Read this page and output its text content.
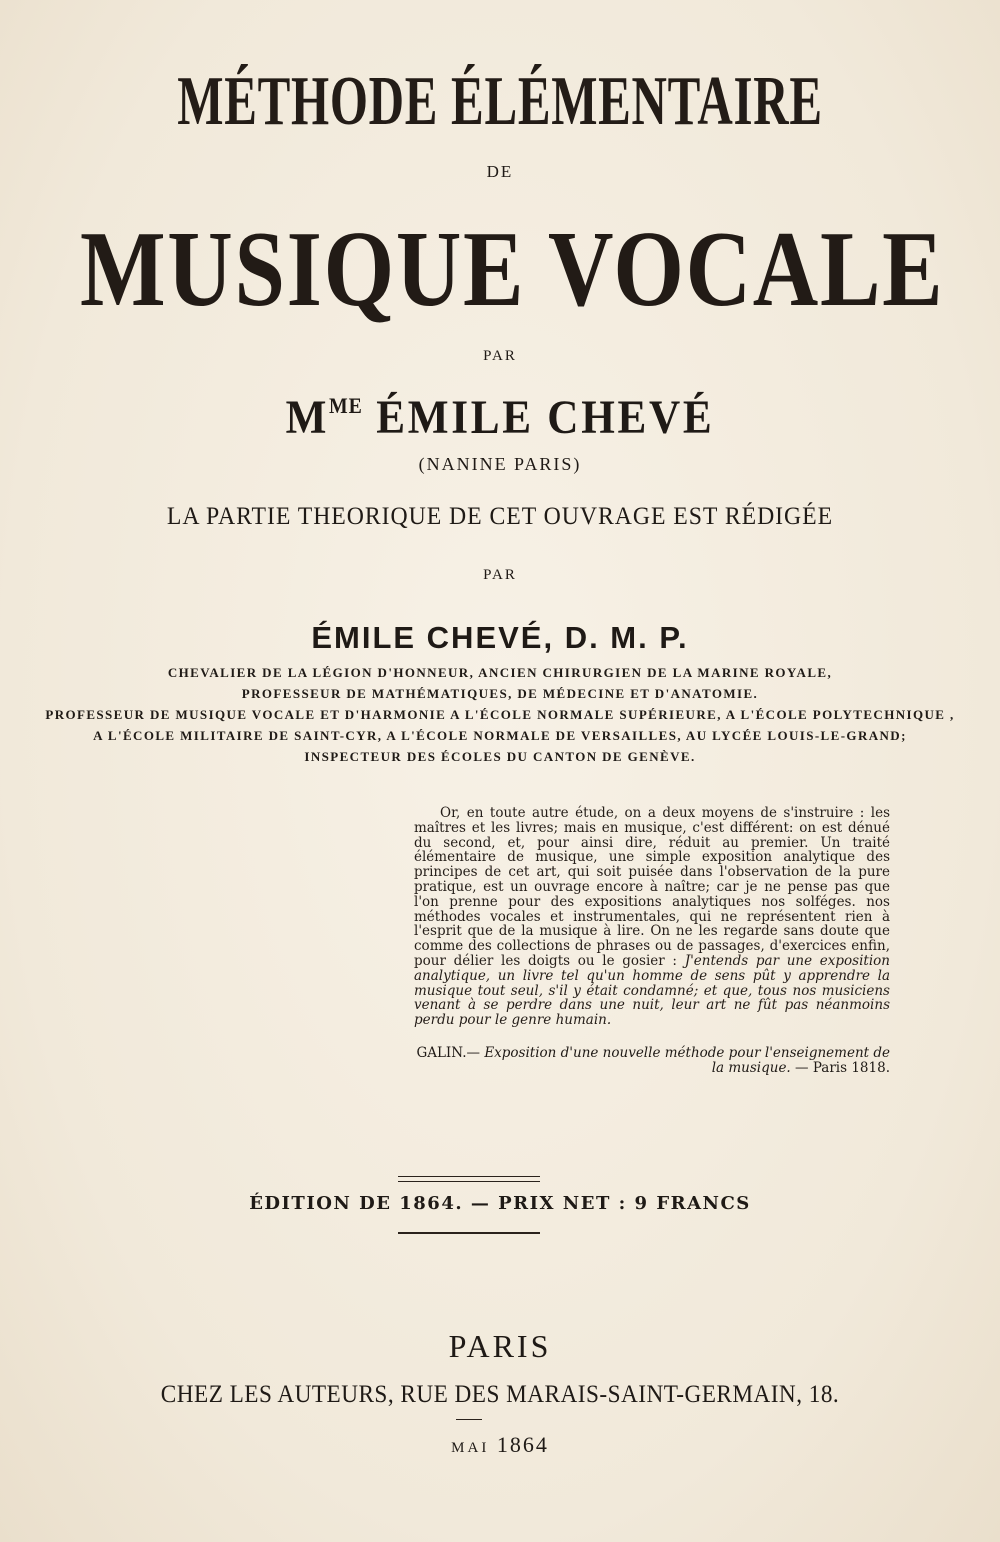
MÉTHODE ÉLÉMENTAIRE
DE
MUSIQUE VOCALE
PAR
$M^{ME}$ ÉMILE CHEVÉ
(NANINE PARIS)
LA PARTIE THEORIQUE DE CET OUVRAGE EST RÉDIGÉE
PAR
ÉMILE CHEVÉ, D. M. P.
CHEVALIER DE LA LÉGION D'HONNEUR, ANCIEN CHIRURGIEN DE LA MARINE ROYALE,
PROFESSEUR DE MATHÉMATIQUES, DE MÉDECINE ET D'ANATOMIE.
PROFESSEUR DE MUSIQUE VOCALE ET D'HARMONIE A L'ÉCOLE NORMALE SUPÉRIEURE, A L'ÉCOLE POLYTECHNIQUE ,
A L'ÉCOLE MILITAIRE DE SAINT-CYR, A L'ÉCOLE NORMALE DE VERSAILLES, AU LYCÉE LOUIS-LE-GRAND;
INSPECTEUR DES ÉCOLES DU CANTON DE GENÈVE.

Or, en toute autre étude, on a deux moyens de s'instruire : les maîtres et les livres; mais en musique, c'est différent: on est dénué du second, et, pour ainsi dire, réduit au premier. Un traité élémentaire de musique, une simple exposition analytique des principes de cet art, qui soit puisée dans l'observation de la pure pratique, est un ouvrage encore à naître; car je ne pense pas que l'on prenne pour des expositions analytiques nos solféges. nos méthodes vocales et instrumentales, qui ne représentent rien à l'esprit que de la musique à lire. On ne les regarde sans doute que comme des collections de phrases ou de passages, d'exercices enfin, pour délier les doigts ou le gosier : J'entends par une exposition analytique, un livre tel qu'un homme de sens pût y apprendre la musique tout seul, s'il y était condamné; et que, tous nos musiciens venant à se perdre dans une nuit, leur art ne fût pas néanmoins perdu pour le genre humain.

GALIN.— Exposition d'une nouvelle méthode pour l'enseignement de la musique. — Paris 1818.
ÉDITION DE 1864. — PRIX NET : 9 FRANCS
PARIS
CHEZ LES AUTEURS, RUE DES MARAIS-SAINT-GERMAIN, 18.
MAI 1864
